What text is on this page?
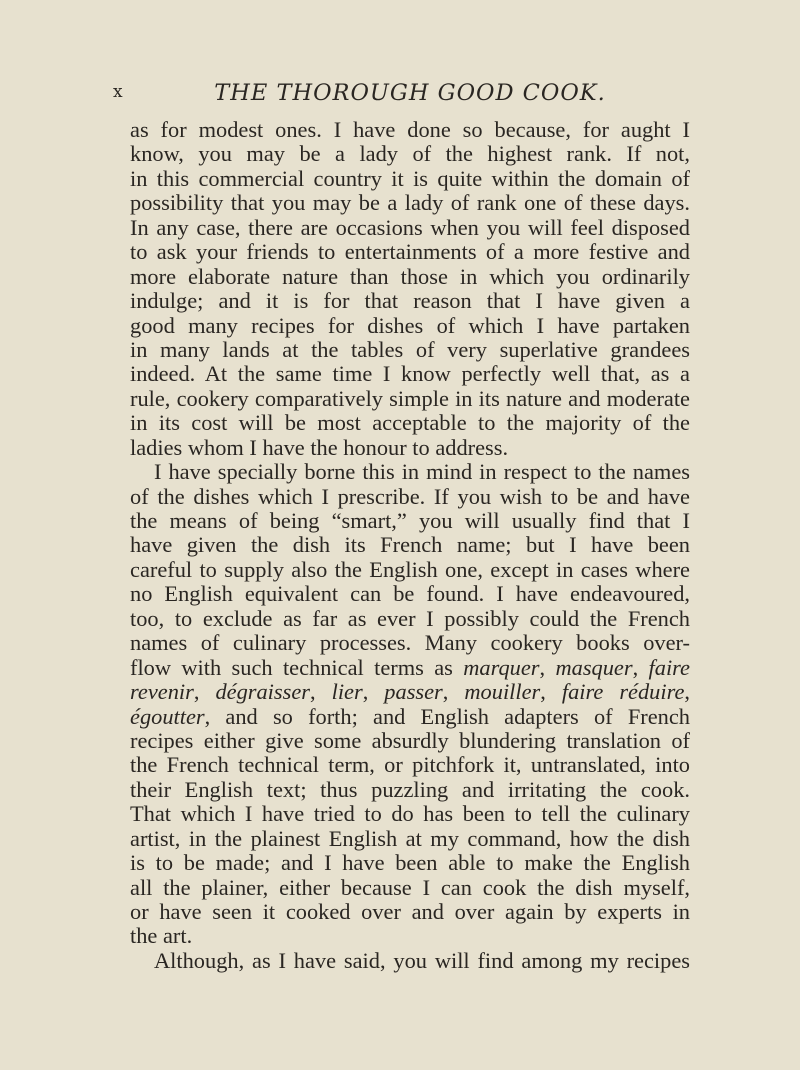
x	THE THOROUGH GOOD COOK.
as for modest ones. I have done so because, for aught I
know, you may be a lady of the highest rank. If not,
in this commercial country it is quite within the domain of
possibility that you may be a lady of rank one of these days.
In any case, there are occasions when you will feel disposed
to ask your friends to entertainments of a more festive and
more elaborate nature than those in which you ordinarily
indulge; and it is for that reason that I have given a
good many recipes for dishes of which I have partaken
in many lands at the tables of very superlative grandees
indeed. At the same time I know perfectly well that, as a
rule, cookery comparatively simple in its nature and moderate
in its cost will be most acceptable to the majority of the
ladies whom I have the honour to address.
I have specially borne this in mind in respect to the names
of the dishes which I prescribe. If you wish to be and have
the means of being “smart,” you will usually find that I
have given the dish its French name; but I have been
careful to supply also the English one, except in cases where
no English equivalent can be found. I have endeavoured,
too, to exclude as far as ever I possibly could the French
names of culinary processes. Many cookery books over-
flow with such technical terms as marquer, masquer, faire
revenir, dégraisser, lier, passer, mouiller, faire réduire,
égoutter, and so forth; and English adapters of French
recipes either give some absurdly blundering translation of
the French technical term, or pitchfork it, untranslated, into
their English text; thus puzzling and irritating the cook.
That which I have tried to do has been to tell the culinary
artist, in the plainest English at my command, how the dish
is to be made; and I have been able to make the English
all the plainer, either because I can cook the dish myself,
or have seen it cooked over and over again by experts in
the art.
Although, as I have said, you will find among my recipes
